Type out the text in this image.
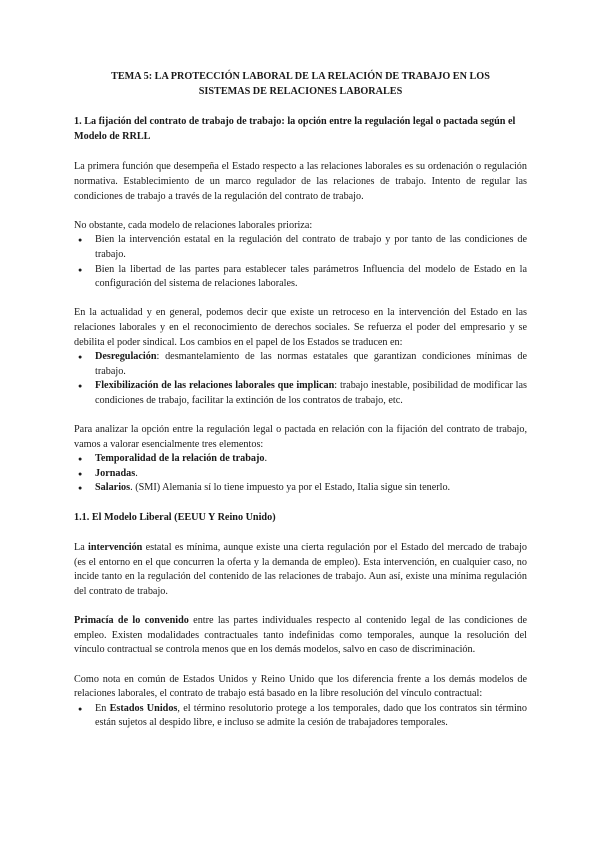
TEMA 5: LA PROTECCIÓN LABORAL DE LA RELACIÓN DE TRABAJO EN LOS
SISTEMAS DE RELACIONES LABORALES
1. La fijación del contrato de trabajo de trabajo: la opción entre la regulación legal o pactada según el Modelo de RRLL

La primera función que desempeña el Estado respecto a las relaciones laborales es su ordenación o regulación normativa. Establecimiento de un marco regulador de las relaciones de trabajo. Intento de regular las condiciones de trabajo a través de la regulación del contrato de trabajo.

No obstante, cada modelo de relaciones laborales prioriza:

● Bien la intervención estatal en la regulación del contrato de trabajo y por tanto de las condiciones de trabajo.
● Bien la libertad de las partes para establecer tales parámetros Influencia del modelo de Estado en la configuración del sistema de relaciones laborales.

En la actualidad y en general, podemos decir que existe un retroceso en la intervención del Estado en las relaciones laborales y en el reconocimiento de derechos sociales. Se refuerza el poder del empresario y se debilita el poder sindical. Los cambios en el papel de los Estados se traducen en:

● Desregulación: desmantelamiento de las normas estatales que garantizan condiciones mínimas de trabajo.
● Flexibilización de las relaciones laborales que implican: trabajo inestable, posibilidad de modificar las condiciones de trabajo, facilitar la extinción de los contratos de trabajo, etc.

Para analizar la opción entre la regulación legal o pactada en relación con la fijación del contrato de trabajo, vamos a valorar esencialmente tres elementos:

● Temporalidad de la relación de trabajo.
● Jornadas.
● Salarios. (SMI) Alemania sí lo tiene impuesto ya por el Estado, Italia sigue sin tenerlo.
1.1. El Modelo Liberal (EEUU Y Reino Unido)

La intervención estatal es mínima, aunque existe una cierta regulación por el Estado del mercado de trabajo (es el entorno en el que concurren la oferta y la demanda de empleo). Esta intervención, en cualquier caso, no incide tanto en la regulación del contenido de las relaciones de trabajo. Aun así, existe una mínima regulación del contrato de trabajo.

Primacía de lo convenido entre las partes individuales respecto al contenido legal de las condiciones de empleo. Existen modalidades contractuales tanto indefinidas como temporales, aunque la resolución del vínculo contractual se controla menos que en los demás modelos, salvo en caso de discriminación.

Como nota en común de Estados Unidos y Reino Unido que los diferencia frente a los demás modelos de relaciones laborales, el contrato de trabajo está basado en la libre resolución del vínculo contractual:

● En Estados Unidos, el término resolutorio protege a los temporales, dado que los contratos sin término están sujetos al despido libre, e incluso se admite la cesión de trabajadores temporales.
